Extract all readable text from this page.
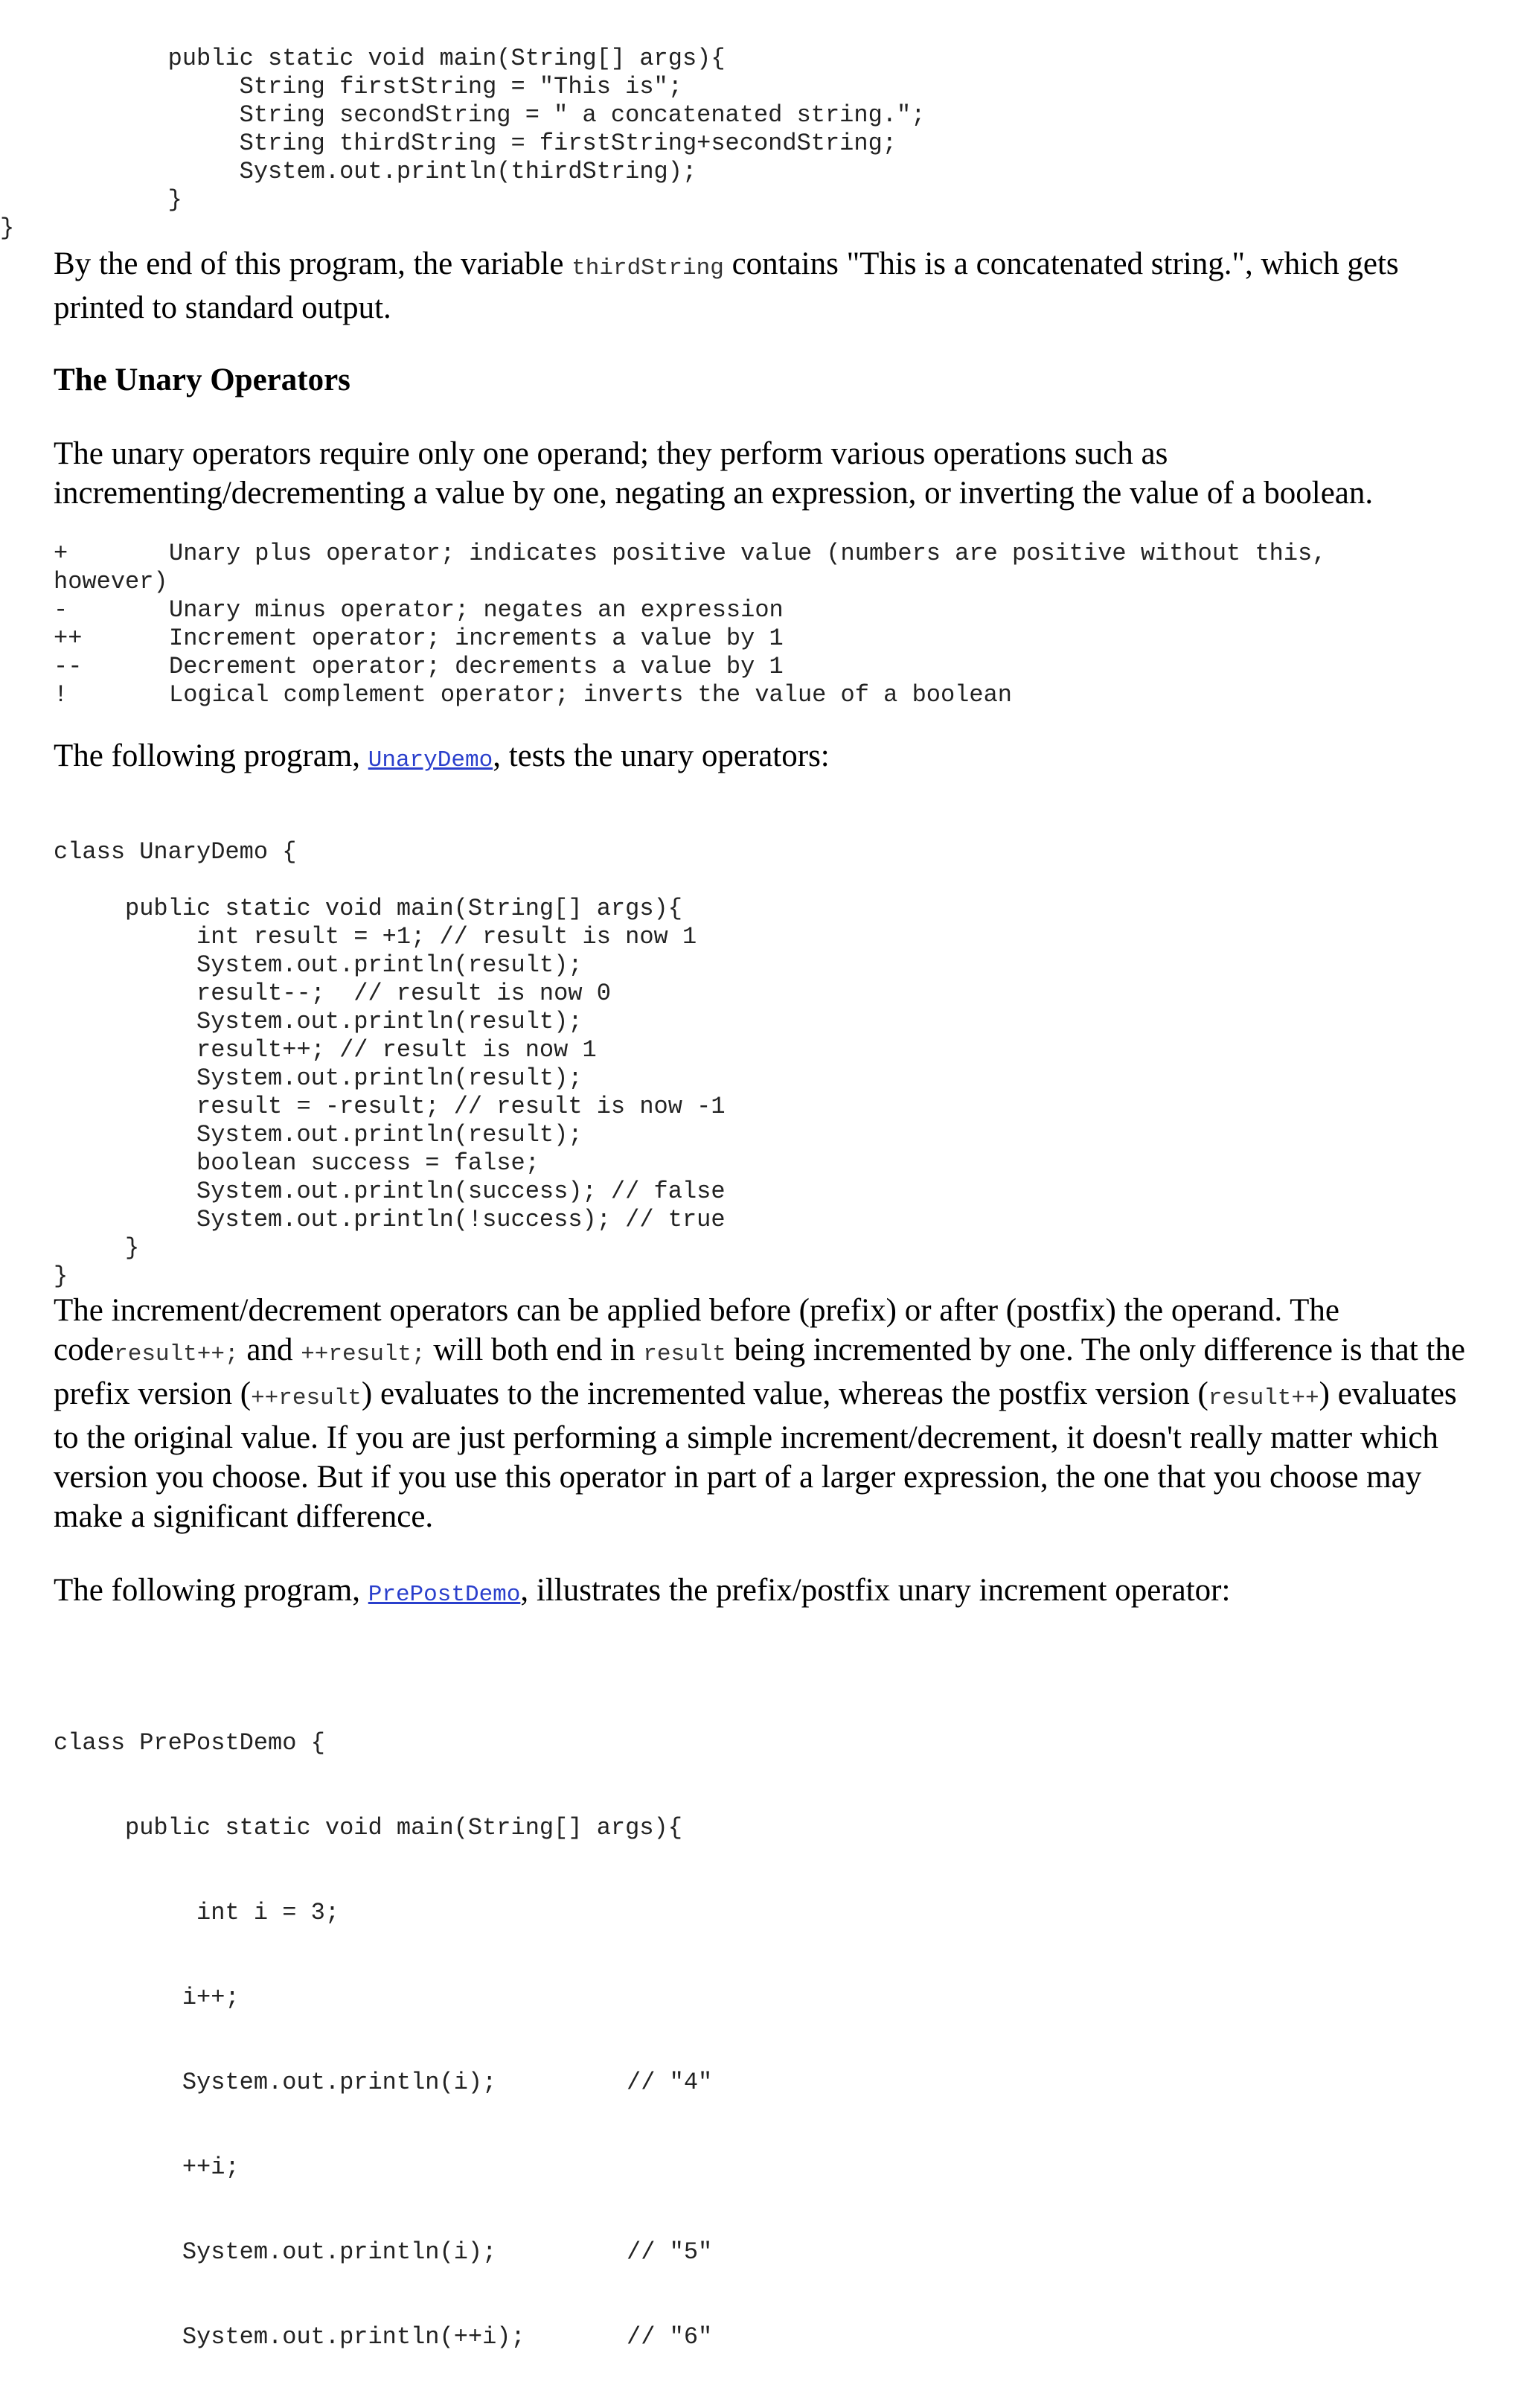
public static void main(String[] args){
String firstString = "This is";
String secondString = " a concatenated string.";
String thirdString = firstString+secondString;
System.out.println(thirdString);
}
}

By the end of this program, the variable thirdString contains "This is a concatenated string.", which gets printed to standard output.

The Unary Operators

The unary operators require only one operand; they perform various operations such as incrementing/decrementing a value by one, negating an expression, or inverting the value of a boolean.

+	Unary plus operator; indicates positive value (numbers are positive without this,
however)
-	Unary minus operator; negates an expression
++	Increment operator; increments a value by 1
--	Decrement operator; decrements a value by 1
!	Logical complement operator; inverts the value of a boolean

The following program, UnaryDemo, tests the unary operators:

class UnaryDemo {

public static void main(String[] args){
int result = +1; // result is now 1
System.out.println(result);
result--;  // result is now 0
System.out.println(result);
result++; // result is now 1
System.out.println(result);
result = -result; // result is now -1
System.out.println(result);
boolean success = false;
System.out.println(success); // false
System.out.println(!success); // true
}
}

The increment/decrement operators can be applied before (prefix) or after (postfix) the operand. The coderesult++; and ++result; will both end in result being incremented by one. The only difference is that the prefix version (++result) evaluates to the incremented value, whereas the postfix version (result++) evaluates to the original value. If you are just performing a simple increment/decrement, it doesn't really matter which version you choose. But if you use this operator in part of a larger expression, the one that you choose may make a significant difference.

The following program, PrePostDemo, illustrates the prefix/postfix unary increment operator:

class PrePostDemo {

public static void main(String[] args){

int i = 3;

i++;

System.out.println(i);	// "4"

++i;

System.out.println(i);	// "5"

System.out.println(++i);	// "6"
